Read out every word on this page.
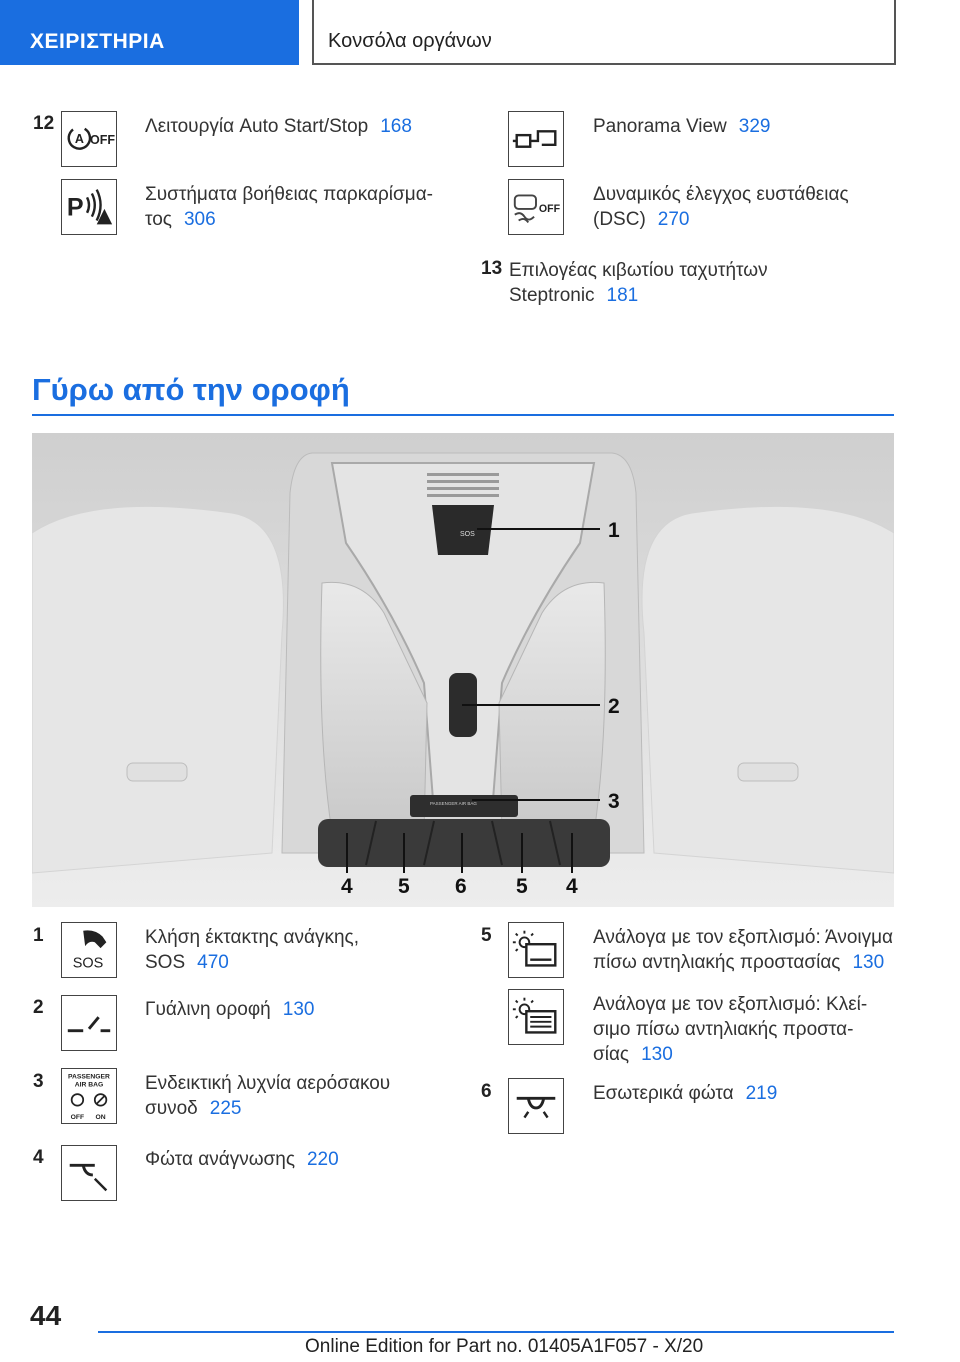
ΧΕΙΡΙΣΤΗΡΙΑ	Κονσόλα οργάνων
12
A OFF
Λειτουργία Auto Start/Stop 168
P	Συστήματα βοήθειας παρκαρίσμα-
τος 306
Panorama View 329
OFF
Δυναμικός έλεγχος ευστάθειας
(DSC) 270
13 Επιλογέας κιβωτίου ταχυτήτων
Steptronic 181
Γύρω από την οροφή
SOS
PASSENGER AIR BAG
1
2
3
4 5 6 5 4
1
SOS
Κλήση έκτακτης ανάγκης,
SOS 470
2	Γυάλινη οροφή 130
3	PASSENGER
AIR BAG
OFF ON
Ενδεικτική λυχνία αερόσακου
συνοδ 225
4	Φώτα ανάγνωσης 220
5	Ανάλογα με τον εξοπλισμό: Άνοιγμα
πίσω αντηλιακής προστασίας 130
Ανάλογα με τον εξοπλισμό: Κλεί-
σιμο πίσω αντηλιακής προστα-
σίας 130
6	Εσωτερικά φώτα 219
44
Online Edition for Part no. 01405A1F057 - X/20
